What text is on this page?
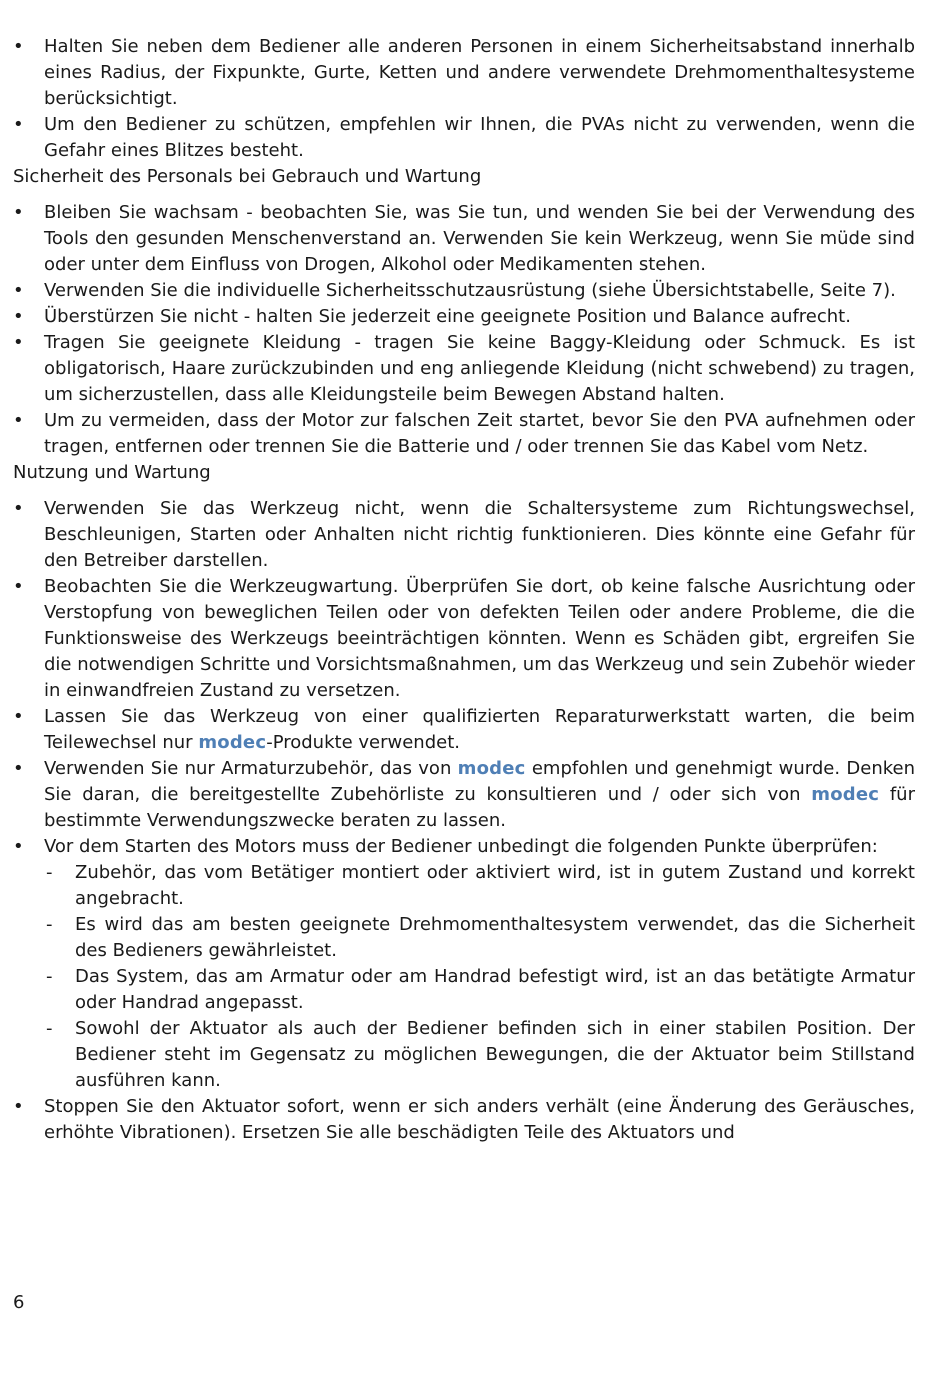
• Halten Sie neben dem Bediener alle anderen Personen in einem Sicherheitsabstand innerhalb eines Radius, der Fixpunkte, Gurte, Ketten und andere verwendete Drehmomenthaltesysteme berücksichtigt.
• Um den Bediener zu schützen, empfehlen wir Ihnen, die PVAs nicht zu verwenden, wenn die Gefahr eines Blitzes besteht.

Sicherheit des Personals bei Gebrauch und Wartung

• Bleiben Sie wachsam - beobachten Sie, was Sie tun, und wenden Sie bei der Verwendung des Tools den gesunden Menschenverstand an. Verwenden Sie kein Werkzeug, wenn Sie müde sind oder unter dem Einfluss von Drogen, Alkohol oder Medikamenten stehen.
• Verwenden Sie die individuelle Sicherheitsschutzausrüstung (siehe Übersichtstabelle, Seite 7).
• Überstürzen Sie nicht - halten Sie jederzeit eine geeignete Position und Balance aufrecht.
• Tragen Sie geeignete Kleidung - tragen Sie keine Baggy-Kleidung oder Schmuck. Es ist obligatorisch, Haare zurückzubinden und eng anliegende Kleidung (nicht schwebend) zu tragen, um sicherzustellen, dass alle Kleidungsteile beim Bewegen Abstand halten.
• Um zu vermeiden, dass der Motor zur falschen Zeit startet, bevor Sie den PVA aufnehmen oder tragen, entfernen oder trennen Sie die Batterie und / oder trennen Sie das Kabel vom Netz.

Nutzung und Wartung

• Verwenden Sie das Werkzeug nicht, wenn die Schaltersysteme zum Richtungswechsel, Beschleunigen, Starten oder Anhalten nicht richtig funktionieren. Dies könnte eine Gefahr für den Betreiber darstellen.
• Beobachten Sie die Werkzeugwartung. Überprüfen Sie dort, ob keine falsche Ausrichtung oder Verstopfung von beweglichen Teilen oder von defekten Teilen oder andere Probleme, die die Funktionsweise des Werkzeugs beeinträchtigen könnten. Wenn es Schäden gibt, ergreifen Sie die notwendigen Schritte und Vorsichtsmaßnahmen, um das Werkzeug und sein Zubehör wieder in einwandfreien Zustand zu versetzen.
• Lassen Sie das Werkzeug von einer qualifizierten Reparaturwerkstatt warten, die beim Teilewechsel nur modec-Produkte verwendet.
• Verwenden Sie nur Armaturzubehör, das von modec empfohlen und genehmigt wurde. Denken Sie daran, die bereitgestellte Zubehörliste zu konsultieren und / oder sich von modec für bestimmte Verwendungszwecke beraten zu lassen.
• Vor dem Starten des Motors muss der Bediener unbedingt die folgenden Punkte überprüfen:
- Zubehör, das vom Betätiger montiert oder aktiviert wird, ist in gutem Zustand und korrekt angebracht.
- Es wird das am besten geeignete Drehmomenthaltesystem verwendet, das die Sicherheit des Bedieners gewährleistet.
- Das System, das am Armatur oder am Handrad befestigt wird, ist an das betätigte Armatur oder Handrad angepasst.
- Sowohl der Aktuator als auch der Bediener befinden sich in einer stabilen Position. Der Bediener steht im Gegensatz zu möglichen Bewegungen, die der Aktuator beim Stillstand ausführen kann.
• Stoppen Sie den Aktuator sofort, wenn er sich anders verhält (eine Änderung des Geräusches, erhöhte Vibrationen). Ersetzen Sie alle beschädigten Teile des Aktuators und
6
